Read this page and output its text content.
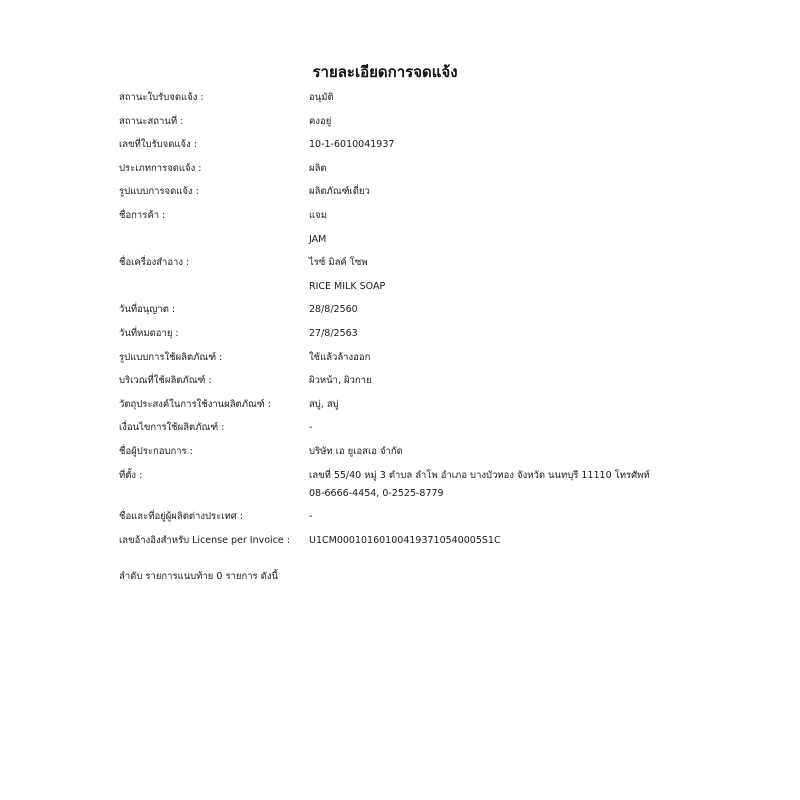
รายละเอียดการจดแจ้ง
สถานะใบรับจดแจ้ง :	อนุมัติ
สถานะสถานที่ :	คงอยู่
เลขที่ใบรับจดแจ้ง :	10-1-6010041937
ประเภทการจดแจ้ง :	ผลิต
รูปแบบการจดแจ้ง :	ผลิตภัณฑ์เดี่ยว
ชื่อการค้า :	แจม
JAM
ชื่อเครื่องสำอาง :	ไรซ์ มิลค์ โซพ
RICE MILK SOAP
วันที่อนุญาต :	28/8/2560
วันที่หมดอายุ :	27/8/2563
รูปแบบการใช้ผลิตภัณฑ์ :	ใช้แล้วล้างออก
บริเวณที่ใช้ผลิตภัณฑ์ :	ผิวหน้า, ผิวกาย
วัตถุประสงค์ในการใช้งานผลิตภัณฑ์ :	สบู่, สบู่
เงื่อนไขการใช้ผลิตภัณฑ์ :	-
ชื่อผู้ประกอบการ :	บริษัท เอ ยูเอสเอ จำกัด
ที่ตั้ง :	เลขที่ 55/40 หมู่ 3 ตำบล ลำโพ อำเภอ บางบัวทอง จังหวัด นนทบุรี 11110 โทรศัพท์
08-6666-4454, 0-2525-8779
ชื่อและที่อยู่ผู้ผลิตต่างประเทศ :	-
เลขอ้างอิงสำหรับ License per Invoice :	U1CM000101601004193710540005S1C
ลำดับ รายการแนบท้าย 0 รายการ ดังนี้
